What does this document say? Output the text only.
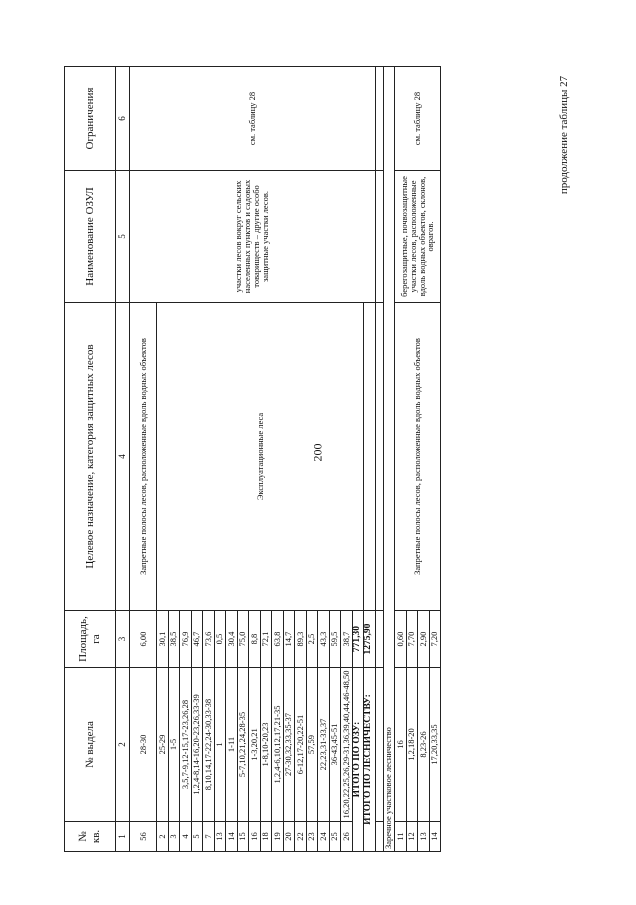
200
продолжение таблицы 27
№ кв.	№ выдела	Площадь, га	Целевое назначение, категория защитных лесов	Наименование ОЗУЛ	Ограничения	
1	2	3	4	5	6	
56	28-30	6,00	Запретные полосы лесов, расположенные вдоль водных объектов	участки лесов вокруг сельских населенных пунктов и садовых товариществ – другие особо защитные участки лесов.	см. таблицу 28	
2	25-29	30,1	Эксплуатационные леса			
3	1-5	38,5				
4	3,5,7-9,12-15,17-23,26,28	76,9				
5	1,2,4-8,14-16,20-23,26,33-39	46,7				
7	8,10,14,17-22,24-30,33-38	73,6				
13	1	0,5				
14	1-11	30,4				
15	5-7,10,21,24,28-35	75,0				
16	1-3,20,21	8,8				
18	1-8,10-20,23	72,1				
19	1,2,4-6,10,12,17,21-35	63,8				
20	27-30,32,33,35-37	14,7				
22	6-12,17-20,22-51	89,3				
23	57,59	2,5				
24	22,23,31-33,37	43,3				
25	36-43,45-51	59,5				
26	16,20,22,25,26,29-31,36,39,40,44,46-48,50	38,7				
ИТОГО ПО ОЗУ:		771,30				
ИТОГО ПО ЛЕСНИЧЕСТВУ:		1275,90				

Заречное участковое лесничество						
11	16	0,60	Запретные полосы лесов, расположенные вдоль водных объектов	берегозащитные, почвозащитные участки лесов, расположенные вдоль водных объектов, склонов, оврагов.	см. таблицу 28	
12	1,2,18-20	7,70				
13	8,23-26	2,90				
14	17,20,33,35	7,20				
